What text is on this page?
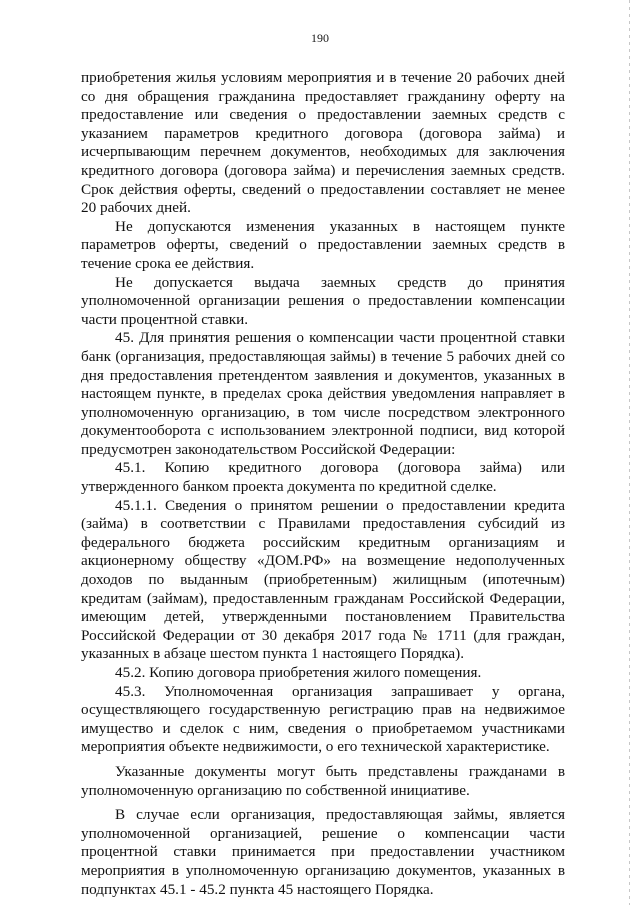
190

приобретения жилья условиям мероприятия и в течение 20 рабочих дней со дня обращения гражданина предоставляет гражданину оферту на предоставление или сведения о предоставлении заемных средств с указанием параметров кредитного договора (договора займа) и исчерпывающим перечнем документов, необходимых для заключения кредитного договора (договора займа) и перечисления заемных средств. Срок действия оферты, сведений о предоставлении составляет не менее 20 рабочих дней.

Не допускаются изменения указанных в настоящем пункте параметров оферты, сведений о предоставлении заемных средств в течение срока ее действия.

Не допускается выдача заемных средств до принятия уполномоченной организации решения о предоставлении компенсации части процентной ставки.

45. Для принятия решения о компенсации части процентной ставки банк (организация, предоставляющая займы) в течение 5 рабочих дней со дня предоставления претендентом заявления и документов, указанных в настоящем пункте, в пределах срока действия уведомления направляет в уполномоченную организацию, в том числе посредством электронного документооборота с использованием электронной подписи, вид которой предусмотрен законодательством Российской Федерации:

45.1. Копию кредитного договора (договора займа) или утвержденного банком проекта документа по кредитной сделке.

45.1.1. Сведения о принятом решении о предоставлении кредита (займа) в соответствии с Правилами предоставления субсидий из федерального бюджета российским кредитным организациям и акционерному обществу «ДОМ.РФ» на возмещение недополученных доходов по выданным (приобретенным) жилищным (ипотечным) кредитам (займам), предоставленным гражданам Российской Федерации, имеющим детей, утвержденными постановлением Правительства Российской Федерации от 30 декабря 2017 года № 1711 (для граждан, указанных в абзаце шестом пункта 1 настоящего Порядка).

45.2. Копию договора приобретения жилого помещения.

45.3. Уполномоченная организация запрашивает у органа, осуществляющего государственную регистрацию прав на недвижимое имущество и сделок с ним, сведения о приобретаемом участниками мероприятия объекте недвижимости, о его технической характеристике.

Указанные документы могут быть представлены гражданами в уполномоченную организацию по собственной инициативе.

В случае если организация, предоставляющая займы, является уполномоченной организацией, решение о компенсации части процентной ставки принимается при предоставлении участником мероприятия в уполномоченную организацию документов, указанных в подпунктах 45.1 - 45.2 пункта 45 настоящего Порядка.
